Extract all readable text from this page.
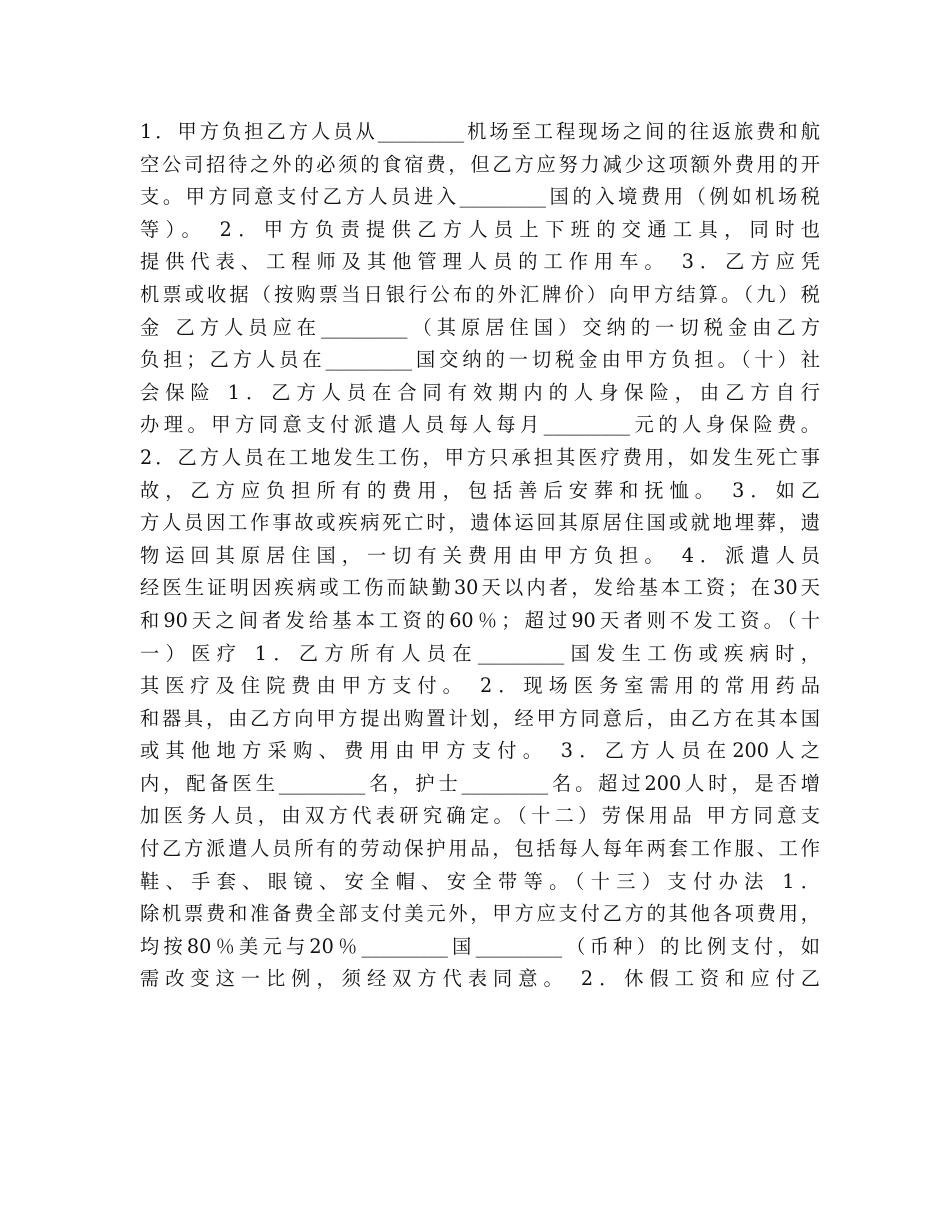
1．甲方负担乙方人员从_________机场至工程现场之间的往返旅费和航
空公司招待之外的必须的食宿费，但乙方应努力减少这项额外费用的开
支。甲方同意支付乙方人员进入_________国的入境费用（例如机场税
等）。 2．甲方负责提供乙方人员上下班的交通工具，同时也
提供代表、工程师及其他管理人员的工作用车。 3．乙方应凭
机票或收据（按购票当日银行公布的外汇牌价）向甲方结算。（九）税
金 乙方人员应在_________（其原居住国）交纳的一切税金由乙方
负担；乙方人员在_________国交纳的一切税金由甲方负担。（十）社
会保险 1．乙方人员在合同有效期内的人身保险，由乙方自行
办理。甲方同意支付派遣人员每人每月_________元的人身保险费。
2．乙方人员在工地发生工伤，甲方只承担其医疗费用，如发生死亡事
故，乙方应负担所有的费用，包括善后安葬和抚恤。 3．如乙
方人员因工作事故或疾病死亡时，遗体运回其原居住国或就地埋葬，遗
物运回其原居住国，一切有关费用由甲方负担。 4．派遣人员
经医生证明因疾病或工伤而缺勤30天以内者，发给基本工资；在30天
和90天之间者发给基本工资的60％；超过90天者则不发工资。（十
一）医疗 1．乙方所有人员在_________国发生工伤或疾病时，
其医疗及住院费由甲方支付。 2．现场医务室需用的常用药品
和器具，由乙方向甲方提出购置计划，经甲方同意后，由乙方在其本国
或其他地方采购、费用由甲方支付。 3．乙方人员在200人之
内，配备医生_________名，护士_________名。超过200人时，是否增
加医务人员，由双方代表研究确定。（十二）劳保用品 甲方同意支
付乙方派遣人员所有的劳动保护用品，包括每人每年两套工作服、工作
鞋、手套、眼镜、安全帽、安全带等。（十三）支付办法 1．
除机票费和准备费全部支付美元外，甲方应支付乙方的其他各项费用，
均按80％美元与20％_________国_________（币种）的比例支付，如
需改变这一比例，须经双方代表同意。 2．休假工资和应付乙
